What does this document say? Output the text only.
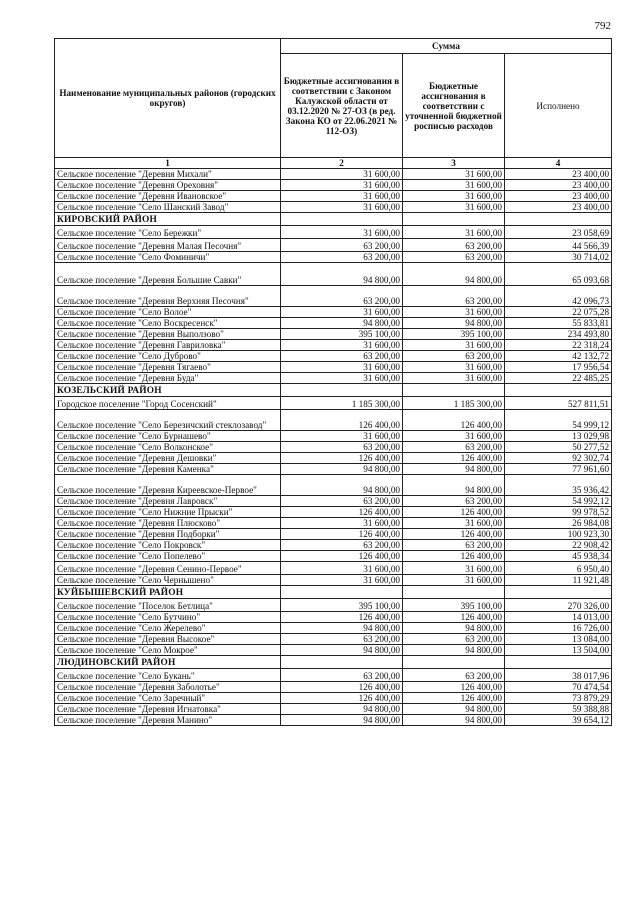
792
Наименование муниципальных районов (городских округов)	Сумма		
	Бюджетные ассигнования в соответствии с Законом Калужской области от 03.12.2020 № 27-ОЗ (в ред. Закона КО от 22.06.2021 № 112-ОЗ)	Бюджетные ассигнования в соответствии с уточненной бюджетной росписью расходов	Исполнено
1	2	3	4
Сельское поселение "Деревня Михали"	31 600,00	31 600,00	23 400,00
Сельское поселение "Деревня Ореховня"	31 600,00	31 600,00	23 400,00
Сельское поселение "Деревня Ивановское"	31 600,00	31 600,00	23 400,00
Сельское поселение "Село Шанский Завод"	31 600,00	31 600,00	23 400,00
КИРОВСКИЙ РАЙОН			
Сельское поселение "Село Бережки"	31 600,00	31 600,00	23 058,69
Сельское поселение "Деревня Малая Песочня"	63 200,00	63 200,00	44 566,39
Сельское поселение "Село Фоминичи"	63 200,00	63 200,00	30 714,02
Сельское поселение "Деревня Большие Савки"	94 800,00	94 800,00	65 093,68
Сельское поселение "Деревня Верхняя Песочня"	63 200,00	63 200,00	42 096,73
Сельское поселение "Село Волое"	31 600,00	31 600,00	22 075,28
Сельское поселение "Село Воскресенск"	94 800,00	94 800,00	55 833,81
Сельское поселение "Деревня Выползово"	395 100,00	395 100,00	234 493,80
Сельское поселение "Деревня Гавриловка"	31 600,00	31 600,00	22 318,24
Сельское поселение "Село Дуброво"	63 200,00	63 200,00	42 132,72
Сельское поселение "Деревня Тягаево"	31 600,00	31 600,00	17 956,54
Сельское поселение "Деревня Буда"	31 600,00	31 600,00	22 485,25
КОЗЕЛЬСКИЙ РАЙОН			
Городское поселение "Город Сосенский"	1 185 300,00	1 185 300,00	527 811,51
Сельское поселение "Село Березичский стеклозавод"	126 400,00	126 400,00	54 999,12
Сельское поселение "Село Бурнашево"	31 600,00	31 600,00	13 029,98
Сельское поселение "Село Волконское"	63 200,00	63 200,00	50 277,52
Сельское поселение "Деревня Дешовки"	126 400,00	126 400,00	92 302,74
Сельское поселение "Деревня Каменка"	94 800,00	94 800,00	77 961,60
Сельское поселение "Деревня Киреевское-Первое"	94 800,00	94 800,00	35 936,42
Сельское поселение "Деревня Лавровск"	63 200,00	63 200,00	54 992,12
Сельское поселение "Село Нижние Прыски"	126 400,00	126 400,00	99 978,52
Сельское поселение "Деревня Плюсково"	31 600,00	31 600,00	26 984,08
Сельское поселение "Деревня Подборки"	126 400,00	126 400,00	100 923,30
Сельское поселение "Село Покровск"	63 200,00	63 200,00	22 908,42
Сельское поселение "Село Попелево"	126 400,00	126 400,00	45 938,34
Сельское поселение "Деревня Сенино-Первое"	31 600,00	31 600,00	6 950,40
Сельское поселение "Село Чернышено"	31 600,00	31 600,00	11 921,48
КУЙБЫШЕВСКИЙ РАЙОН			
Сельское поселение "Поселок Бетлица"	395 100,00	395 100,00	270 326,00
Сельское поселение "Село Бутчино"	126 400,00	126 400,00	14 013,00
Сельское поселение "Село Жерелево"	94 800,00	94 800,00	16 726,00
Сельское поселение "Деревня Высокое"	63 200,00	63 200,00	13 084,00
Сельское поселение "Село Мокрое"	94 800,00	94 800,00	13 504,00
ЛЮДИНОВСКИЙ РАЙОН			
Сельское поселение "Село Букань"	63 200,00	63 200,00	38 017,96
Сельское поселение "Деревня Заболотье"	126 400,00	126 400,00	70 474,54
Сельское поселение "Село Заречный"	126 400,00	126 400,00	73 879,29
Сельское поселение "Деревня Игнатовка"	94 800,00	94 800,00	59 388,88
Сельское поселение "Деревня Манино"	94 800,00	94 800,00	39 654,12
